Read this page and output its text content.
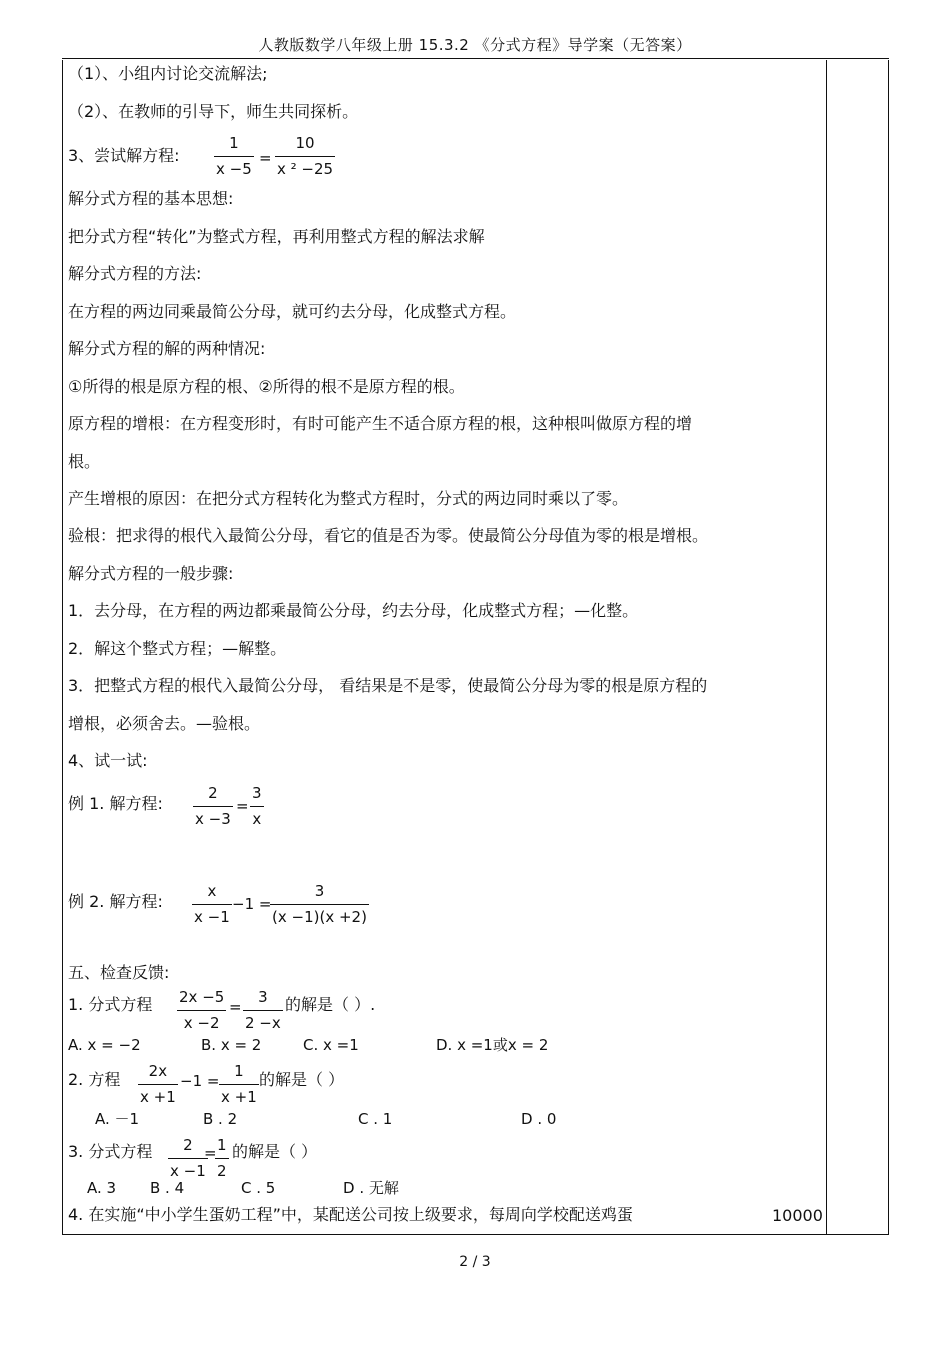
人教版数学八年级上册 15.3.2 《分式方程》导学案（无答案）
（1）、小组内讨论交流解法;
（2）、在教师的引导下，师生共同探析。
3、尝试解方程:
1
x −5
=
10
x ² −25
解分式方程的基本思想:
把分式方程“转化”为整式方程，再利用整式方程的解法求解
解分式方程的方法:
在方程的两边同乘最简公分母，就可约去分母，化成整式方程。
解分式方程的解的两种情况:
①所得的根是原方程的根、②所得的根不是原方程的根。
原方程的增根：在方程变形时，有时可能产生不适合原方程的根，这种根叫做原方程的增
根。
产生增根的原因：在把分式方程转化为整式方程时，分式的两边同时乘以了零。
验根：把求得的根代入最简公分母，看它的值是否为零。使最简公分母值为零的根是增根。
解分式方程的一般步骤:
1．去分母，在方程的两边都乘最简公分母，约去分母，化成整式方程；—化整。
2．解这个整式方程；—解整。
3．把整式方程的根代入最简公分母， 看结果是不是零，使最简公分母为零的根是原方程的
增根，必须舍去。—验根。
4、试一试:
例 1. 解方程:
2
x −3
=
3
x
例 2. 解方程:
x
x −1
−1 =
3
(x −1)(x +2)
五、检查反馈:
1. 分式方程 2x −5
x −2
=
3
2 −x
的解是（ ）.
A. x = −2	B. x = 2	C. x =1	D. x =1或x = 2
2. 方程 2x
x +1
−1 =
1
x +1
的解是（ ）
A. －1	B . 2	C . 1	D . 0
3. 分式方程 2
x −1
= 1
2
的解是（ ）
A. 3 B . 4	C . 5	D . 无解
4. 在实施“中小学生蛋奶工程”中，某配送公司按上级要求，每周向学校配送鸡蛋	10000
2 / 3
